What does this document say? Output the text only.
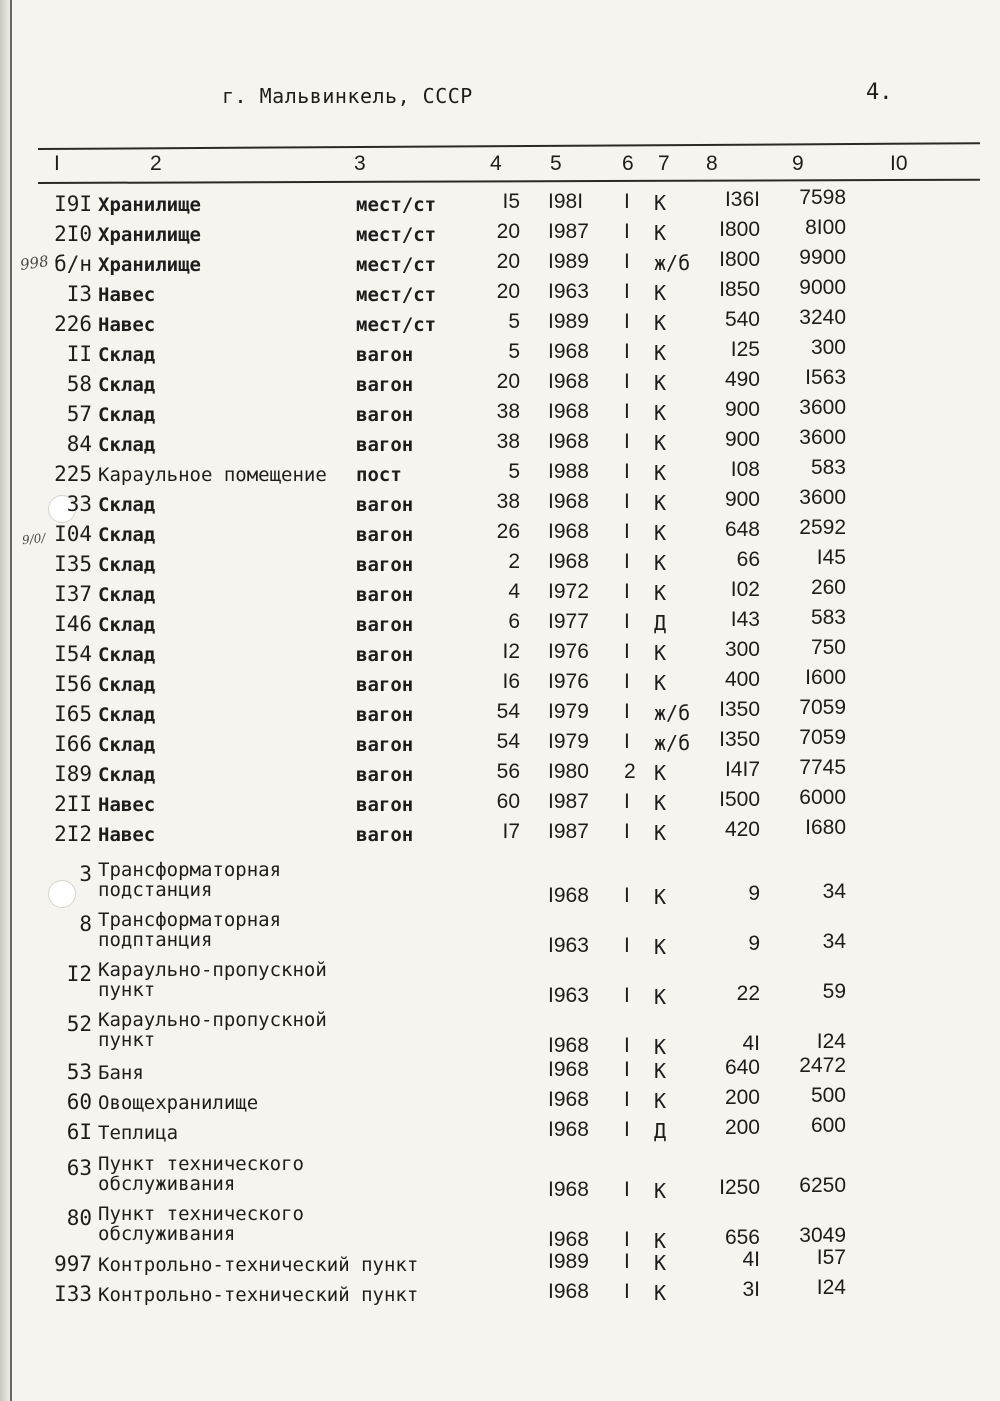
г. Мальвинкель, СССР	4.
I	2	3	4 5	6 7 8	9	I0
998
9/0/
I9I Хранилище	мест/ст	I5 I98I I К	I36I	7598
2I0 Хранилище	мест/ст	20 I987 I К	I800	8I00
б/н Хранилище	мест/ст	20 I989 I ж/б	I800	9900
I3 Навес	мест/ст	20 I963 I К	I850	9000
226 Навес	мест/ст	5 I989 I К	540	3240
II Склад	вагон	5 I968 I К	I25	300
58 Склад	вагон	20 I968 I К	490	I563
57 Склад	вагон	38 I968 I К	900	3600
84 Склад	вагон	38 I968 I К	900	3600
225 Караульное помещение пост	5 I988 I К	I08	583
33 Склад	вагон	38 I968 I К	900	3600
I04 Склад	вагон	26 I968 I К	648	2592
I35 Склад	вагон	2 I968 I К	66	I45
I37 Склад	вагон	4 I972 I К	I02	260
I46 Склад	вагон	6 I977 I Д	I43	583
I54 Склад	вагон	I2 I976 I К	300	750
I56 Склад	вагон	I6 I976 I К	400	I600
I65 Склад	вагон	54 I979 I ж/б	I350	7059
I66 Склад	вагон	54 I979 I ж/б	I350	7059
I89 Склад	вагон	56 I980 2 К	I4I7	7745
2II Навес	вагон	60 I987 I К	I500	6000
2I2 Навес	вагон	I7 I987 I К	420	I680
3 Трансформаторная
подстанция	I968 I К	9	34
8 Трансформаторная
подптанция	I963 I К	9	34
I2 Караульно-пропускной
пункт	I963 I К	22	59
52 Караульно-пропускной
пункт	I968 I К	4I	I24
53 Баня	I968 I К	640	2472
60 Овощехранилище	I968 I К	200	500
6I Теплица	I968 I Д	200	600
63 Пункт технического
обслуживания	I968 I К	I250	6250
80 Пункт технического
обслуживания	I968 I К	656	3049
997 Контрольно-технический пункт	I989 I К	4I	I57
I33 Контрольно-технический пункт	I968 I К	3I	I24
